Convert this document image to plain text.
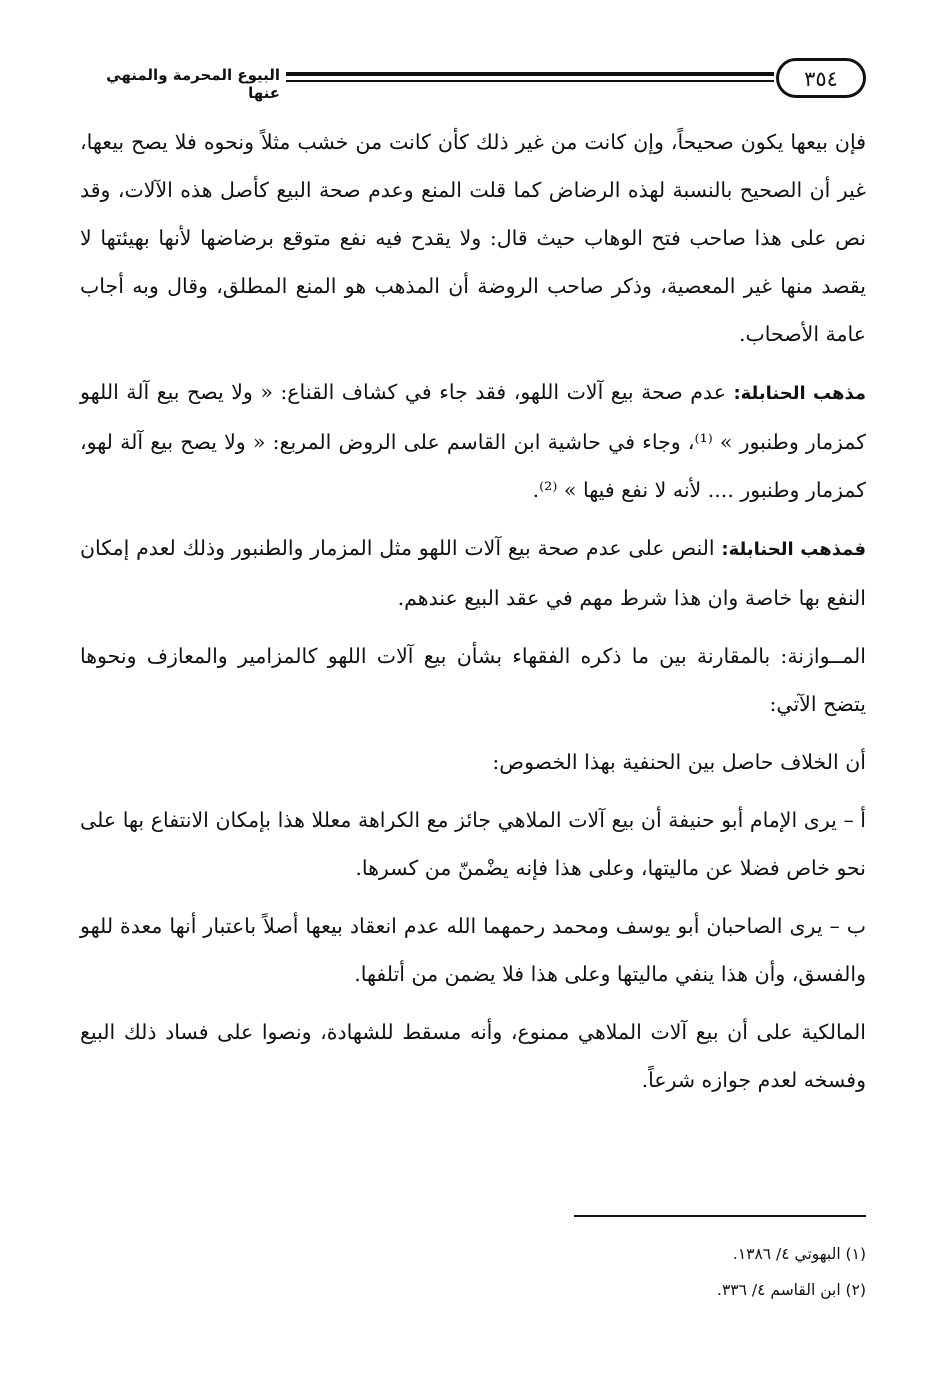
البيوع المحرمة والمنهي عنها
٣٥٤

فإن بيعها يكون صحيحاً، وإن كانت من غير ذلك كأن كانت من خشب مثلاً ونحوه فلا يصح بيعها، غير أن الصحيح بالنسبة لهذه الرضاض كما قلت المنع وعدم صحة البيع كأصل هذه الآلات، وقد نص على هذا صاحب فتح الوهاب حيث قال: ولا يقدح فيه نفع متوقع برضاضها لأنها بهيئتها لا يقصد منها غير المعصية، وذكر صاحب الروضة أن المذهب هو المنع المطلق، وقال وبه أجاب عامة الأصحاب.

مذهب الحنابلة: عدم صحة بيع آلات اللهو، فقد جاء في كشاف القناع: « ولا يصح بيع آلة اللهو كمزمار وطنبور » ⁽¹⁾، وجاء في حاشية ابن القاسم على الروض المربع: « ولا يصح بيع آلة لهو، كمزمار وطنبور .... لأنه لا نفع فيها » ⁽²⁾.

فمذهب الحنابلة: النص على عدم صحة بيع آلات اللهو مثل المزمار والطنبور وذلك لعدم إمكان النفع بها خاصة وان هذا شرط مهم في عقد البيع عندهم.

المــوازنة: بالمقارنة بين ما ذكره الفقهاء بشأن بيع آلات اللهو كالمزامير والمعازف ونحوها يتضح الآتي:

أن الخلاف حاصل بين الحنفية بهذا الخصوص:

أ – يرى الإمام أبو حنيفة أن بيع آلات الملاهي جائز مع الكراهة معللا هذا بإمكان الانتفاع بها على نحو خاص فضلا عن ماليتها، وعلى هذا فإنه يضْمنّ من كسرها.

ب – يرى الصاحبان أبو يوسف ومحمد رحمهما الله عدم انعقاد بيعها أصلاً باعتبار أنها معدة للهو والفسق، وأن هذا ينفي ماليتها وعلى هذا فلا يضمن من أتلفها.

المالكية على أن بيع آلات الملاهي ممنوع، وأنه مسقط للشهادة، ونصوا على فساد ذلك البيع وفسخه لعدم جوازه شرعاً.

(١) البهوتي ٤/ ١٣٨٦.

(٢) ابن القاسم ٤/ ٣٣٦.
